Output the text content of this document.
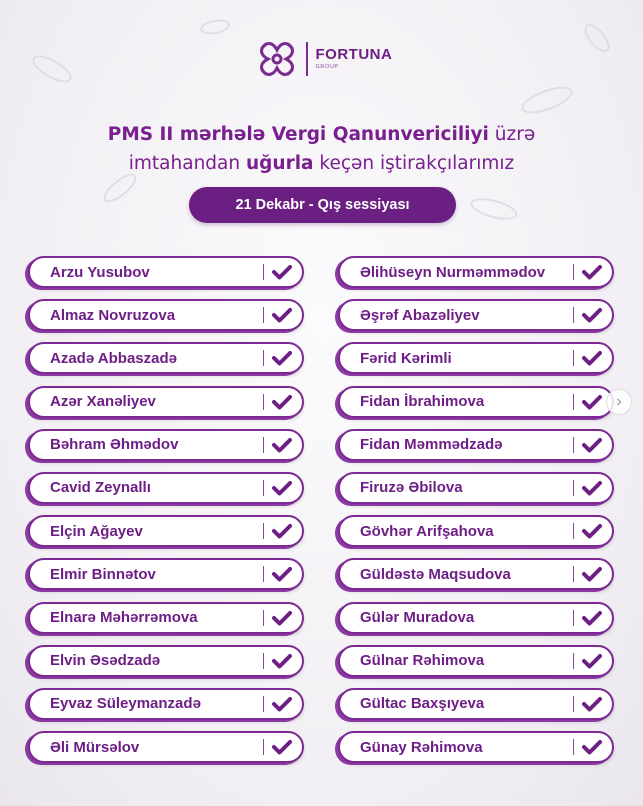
FORTUNA
GROUP
PMS II mərhələ Vergi Qanunvericiliyi üzrə
imtahandan uğurla keçən iştirakçılarımız
21 Dekabr - Qış sessiyası
Arzu Yusubov
Almaz Novruzova
Azadə Abbaszadə
Azər Xanəliyev
Bəhram Əhmədov
Cavid Zeynallı
Elçin Ağayev
Elmir Binnətov
Elnarə Məhərrəmova
Elvin Əsədzadə
Eyvaz Süleymanzadə
Əli Mürsəlov
Əlihüseyn Nurməmmədov
Əşrəf Abazəliyev
Fərid Kərimli
Fidan İbrahimova
Fidan Məmmədzadə
Firuzə Əbilova
Gövhər Arifşahova
Güldəstə Maqsudova
Gülər Muradova
Gülnar Rəhimova
Gültac Baxşıyeva
Günay Rəhimova
›
